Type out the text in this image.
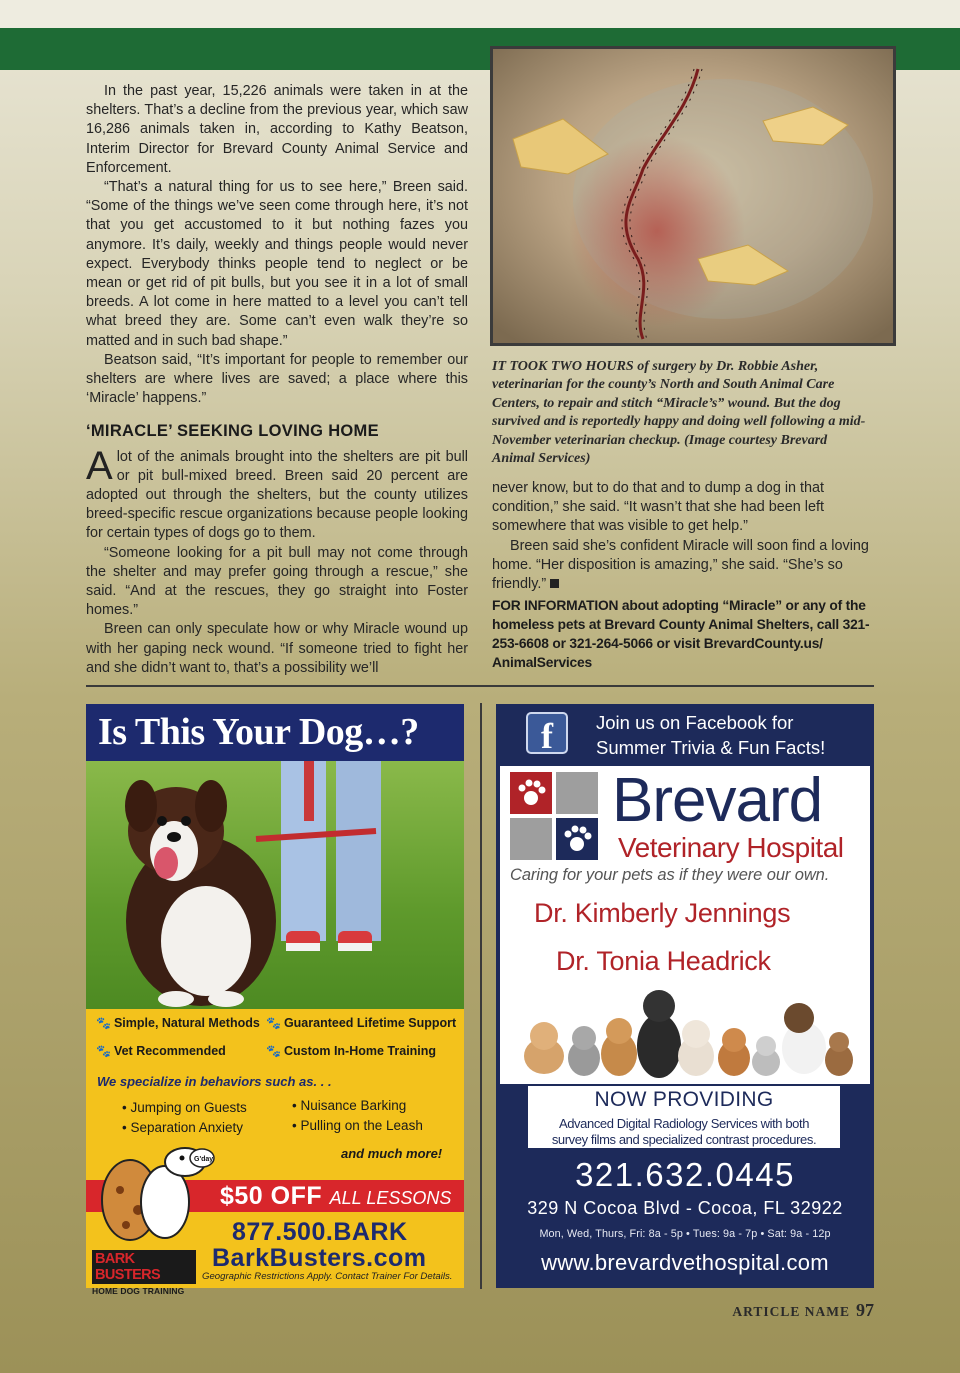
In the past year, 15,226 animals were taken in at the shelters. That’s a decline from the previous year, which saw 16,286 animals taken in, according to Kathy Beatson, Interim Director for Brevard County Animal Service and Enforcement.

“That’s a natural thing for us to see here,” Breen said. “Some of the things we’ve seen come through here, it’s not that you get accustomed to it but nothing fazes you anymore. It’s daily, weekly and things people would never expect. Everybody thinks people tend to neglect or be mean or get rid of pit bulls, but you see it in a lot of small breeds. A lot come in here matted to a level you can’t tell what breed they are. Some can’t even walk they’re so matted and in such bad shape.”

Beatson said, “It’s important for people to remember our shelters are where lives are saved; a place where this ‘Miracle’ happens.”

‘MIRACLE’ SEEKING LOVING HOME

Alot of the animals brought into the shelters are pit bull or pit bull-mixed breed. Breen said 20 percent are adopted out through the shelters, but the county utilizes breed-specific rescue organizations because people looking for certain types of dogs go to them.

“Someone looking for a pit bull may not come through the shelter and may prefer going through a rescue,” she said. “And at the rescues, they go straight into Foster homes.”

Breen can only speculate how or why Miracle wound up with her gaping neck wound. “If someone tried to fight her and she didn’t want to, that’s a possibility we’ll

IT TOOK TWO HOURS of surgery by Dr. Robbie Asher, veterinarian for the county’s North and South Animal Care Centers, to repair and stitch “Miracle’s” wound. But the dog survived and is reportedly happy and doing well following a mid-November veterinarian checkup. (Image courtesy Brevard Animal Services)

never know, but to do that and to dump a dog in that condition,” she said. “It wasn’t that she had been left somewhere that was visible to get help.”

Breen said she’s confident Miracle will soon find a loving home. “Her disposition is amazing,” she said. “She’s so friendly.”

FOR INFORMATION about adopting “Miracle” or any of the homeless pets at Brevard County Animal Shelters, call 321-253-6608 or 321-264-5066 or visit BrevardCounty.us/ AnimalServices

Is This Your Dog…?
🐾 Simple, Natural Methods 🐾 Guaranteed Lifetime Support
🐾 Vet Recommended	🐾 Custom In-Home Training
We specialize in behaviors such as. . .
• Jumping on Guests
• Separation Anxiety
• Nuisance Barking
• Pulling on the Leash
and much more!
G'day
$50 OFF ALL LESSONS
877.500.BARK
BarkBusters.com
BARK BUSTERS
HOME DOG TRAINING
Geographic Restrictions Apply. Contact Trainer For Details.
f	Join us on Facebook for
Summer Trivia & Fun Facts!
Brevard
Veterinary Hospital
Caring for your pets as if they were our own.
Dr. Kimberly Jennings
Dr. Tonia Headrick
NOW PROVIDING
Advanced Digital Radiology Services with both
survey films and specialized contrast procedures.
321.632.0445
329 N Cocoa Blvd - Cocoa, FL 32922
Mon, Wed, Thurs, Fri: 8a - 5p • Tues: 9a - 7p • Sat: 9a - 12p
www.brevardvethospital.com
ARTICLE NAME 97
